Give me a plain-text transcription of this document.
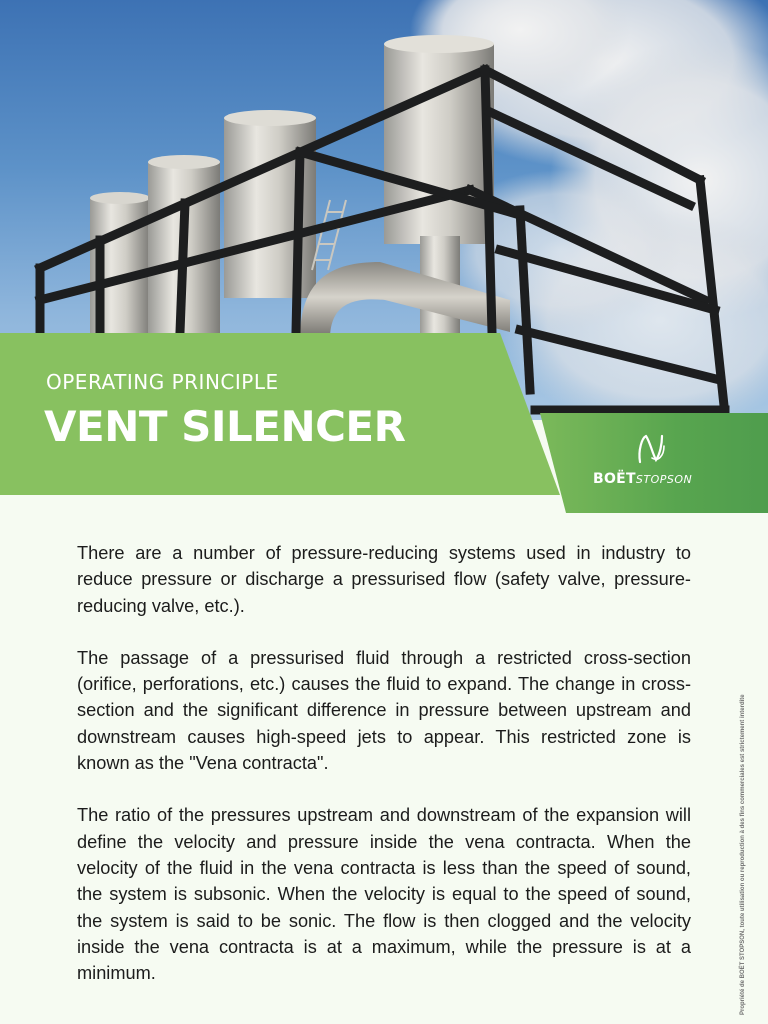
OPERATING PRINCIPLE
VENT SILENCER
BOËTSTOPSON

There are a number of pressure-reducing systems used in industry to reduce pressure or discharge a pressurised flow (safety valve, pressure-reducing valve, etc.).

The passage of a pressurised fluid through a restricted cross-section (orifice, perforations, etc.) causes the fluid to expand. The change in cross-section and the significant difference in pressure between upstream and downstream causes high-speed jets to appear. This restricted zone is known as the "Vena contracta".

The ratio of the pressures upstream and downstream of the expansion will define the velocity and pressure inside the vena contracta. When the velocity of the fluid in the vena contracta is less than the speed of sound, the system is subsonic. When the velocity is equal to the speed of sound, the system is said to be sonic. The flow is then clogged and the velocity inside the vena contracta is at a maximum, while the pressure is at a minimum.	Propriété de BOËT STOPSON, toute utilisation ou reproduction à des fins commerciales est strictement interdite
